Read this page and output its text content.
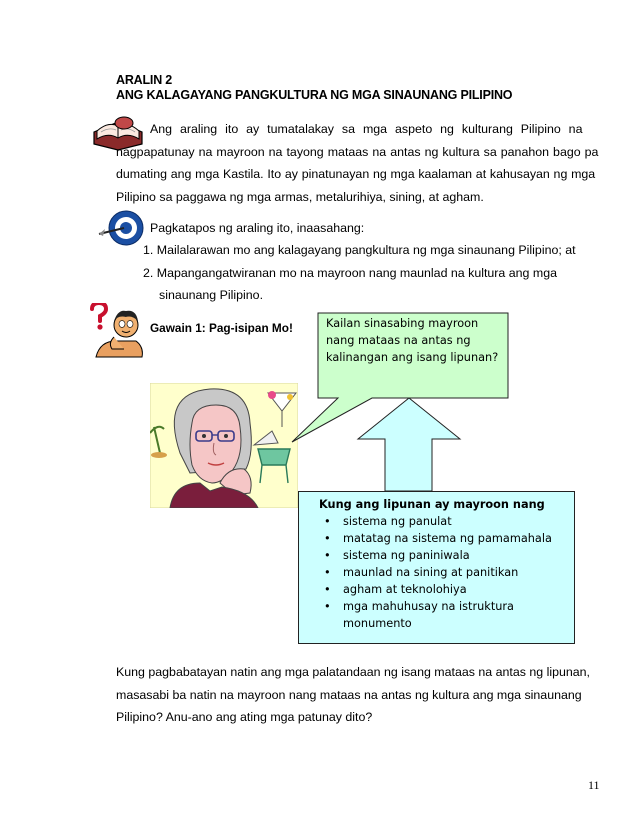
ARALIN 2
ANG KALAGAYANG PANGKULTURA NG MGA SINAUNANG PILIPINO
Ang araling ito ay tumatalakay sa mga aspeto ng kulturang Pilipino na
nagpapatunay na mayroon na tayong mataas na antas ng kultura sa panahon bago pa
dumating ang mga Kastila. Ito ay pinatunayan ng mga kaalaman at kahusayan ng mga
Pilipino sa paggawa ng mga armas, metalurihiya, sining, at agham.
Pagkatapos ng araling ito, inaasahang:
1. Mailalarawan mo ang kalagayang pangkultura ng mga sinaunang Pilipino; at
2. Mapangangatwiranan mo na mayroon nang maunlad na kultura ang mga
sinaunang Pilipino.
Gawain 1: Pag-isipan Mo!	Kailan sinasabing mayroon
nang mataas na antas ng
kalinangan ang isang lipunan?
Kung ang lipunan ay mayroon nang
• sistema ng panulat
• matatag na sistema ng pamamahala
• sistema ng paniniwala
• maunlad na sining at panitikan
• agham at teknolohiya
• mga mahuhusay na istruktura
monumento
Kung pagbabatayan natin ang mga palatandaan ng isang mataas na antas ng lipunan,
masasabi ba natin na mayroon nang mataas na antas ng kultura ang mga sinaunang
Pilipino? Anu-ano ang ating mga patunay dito?
11
